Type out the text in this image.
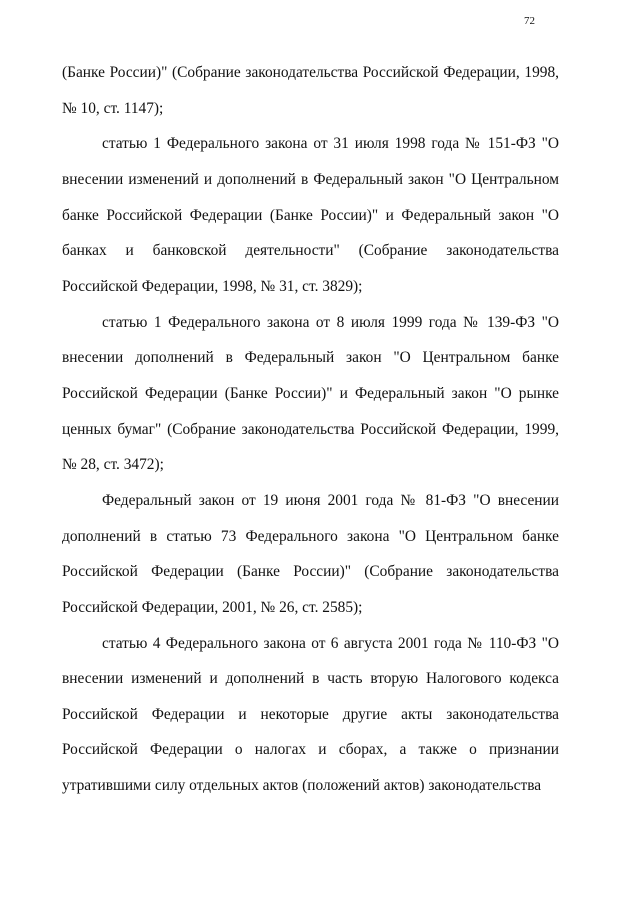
72

(Банке России)" (Собрание законодательства Российской Федерации, 1998, № 10, ст. 1147);

статью 1 Федерального закона от 31 июля 1998 года № 151-ФЗ "О внесении изменений и дополнений в Федеральный закон "О Центральном банке Российской Федерации (Банке России)" и Федеральный закон "О банках и банковской деятельности" (Собрание законодательства Российской Федерации, 1998, № 31, ст. 3829);

статью 1 Федерального закона от 8 июля 1999 года № 139-ФЗ "О внесении дополнений в Федеральный закон "О Центральном банке Российской Федерации (Банке России)" и Федеральный закон "О рынке ценных бумаг" (Собрание законодательства Российской Федерации, 1999, № 28, ст. 3472);

Федеральный закон от 19 июня 2001 года № 81-ФЗ "О внесении дополнений в статью 73 Федерального закона "О Центральном банке Российской Федерации (Банке России)" (Собрание законодательства Российской Федерации, 2001, № 26, ст. 2585);

статью 4 Федерального закона от 6 августа 2001 года № 110-ФЗ "О внесении изменений и дополнений в часть вторую Налогового кодекса Российской Федерации и некоторые другие акты законодательства Российской Федерации о налогах и сборах, а также о признании утратившими силу отдельных актов (положений актов) законодательства
